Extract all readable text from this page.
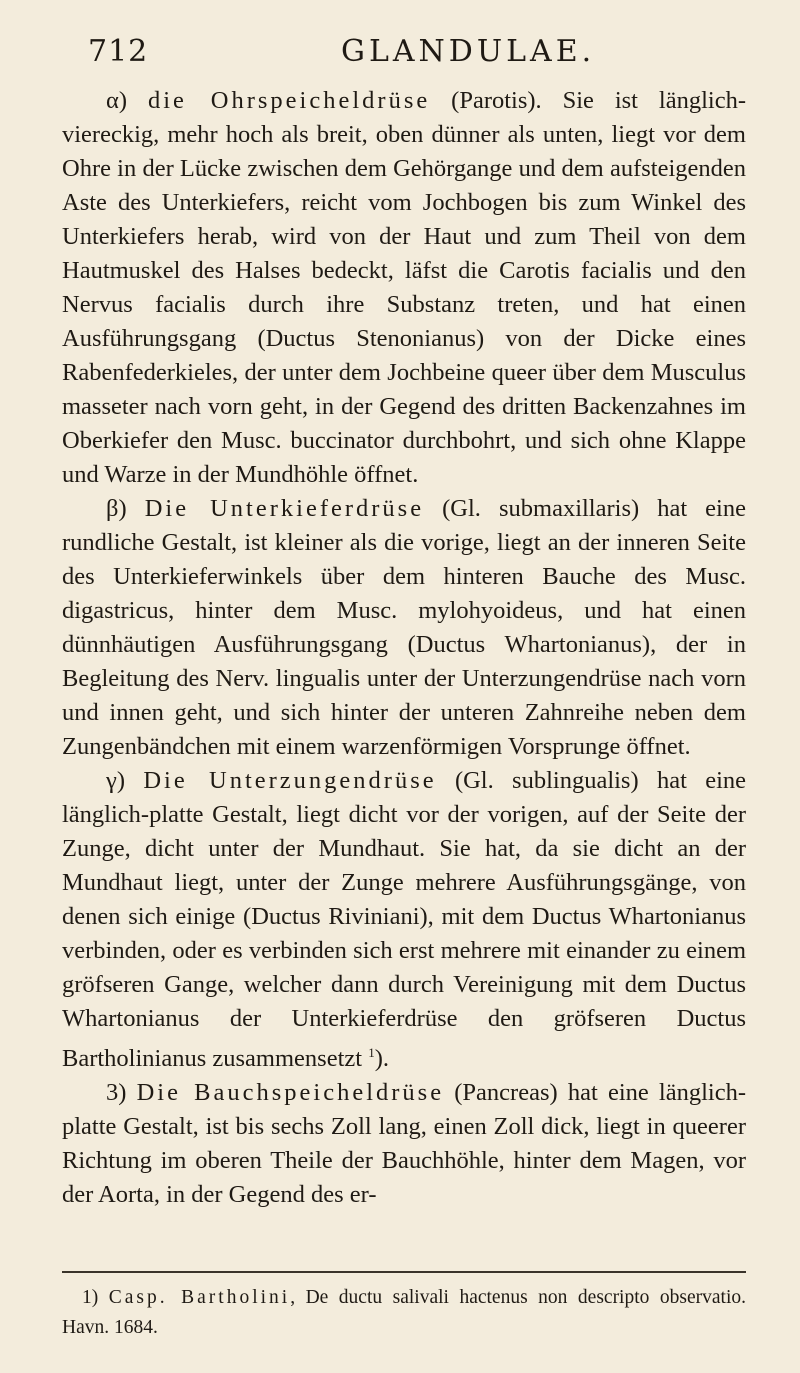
712	GLANDULAE.

α) die Ohrspeicheldrüse (Parotis). Sie ist länglich-viereckig, mehr hoch als breit, oben dünner als unten, liegt vor dem Ohre in der Lücke zwischen dem Gehörgange und dem aufsteigenden Aste des Unterkiefers, reicht vom Jochbogen bis zum Winkel des Unterkiefers herab, wird von der Haut und zum Theil von dem Hautmuskel des Halses bedeckt, läfst die Carotis facialis und den Nervus facialis durch ihre Substanz treten, und hat einen Ausführungsgang (Ductus Stenonianus) von der Dicke eines Rabenfederkieles, der unter dem Jochbeine queer über dem Musculus masseter nach vorn geht, in der Gegend des dritten Backenzahnes im Oberkiefer den Musc. buccinator durchbohrt, und sich ohne Klappe und Warze in der Mundhöhle öffnet.

β) Die Unterkieferdrüse (Gl. submaxillaris) hat eine rundliche Gestalt, ist kleiner als die vorige, liegt an der inneren Seite des Unterkieferwinkels über dem hinteren Bauche des Musc. digastricus, hinter dem Musc. mylohyoideus, und hat einen dünnhäutigen Ausführungsgang (Ductus Whartonianus), der in Begleitung des Nerv. lingualis unter der Unterzungendrüse nach vorn und innen geht, und sich hinter der unteren Zahnreihe neben dem Zungenbändchen mit einem warzenförmigen Vorsprunge öffnet.

γ) Die Unterzungendrüse (Gl. sublingualis) hat eine länglich-platte Gestalt, liegt dicht vor der vorigen, auf der Seite der Zunge, dicht unter der Mundhaut. Sie hat, da sie dicht an der Mundhaut liegt, unter der Zunge mehrere Ausführungsgänge, von denen sich einige (Ductus Riviniani), mit dem Ductus Whartonianus verbinden, oder es verbinden sich erst mehrere mit einander zu einem gröfseren Gange, welcher dann durch Vereinigung mit dem Ductus Whartonianus der Unterkieferdrüse den gröfseren Ductus Bartholinianus zusammensetzt $^1$).

3) Die Bauchspeicheldrüse (Pancreas) hat eine länglich-platte Gestalt, ist bis sechs Zoll lang, einen Zoll dick, liegt in queerer Richtung im oberen Theile der Bauchhöhle, hinter dem Magen, vor der Aorta, in der Gegend des er-

1) Casp. Bartholini, De ductu salivali hactenus non descripto observatio. Havn. 1684.
